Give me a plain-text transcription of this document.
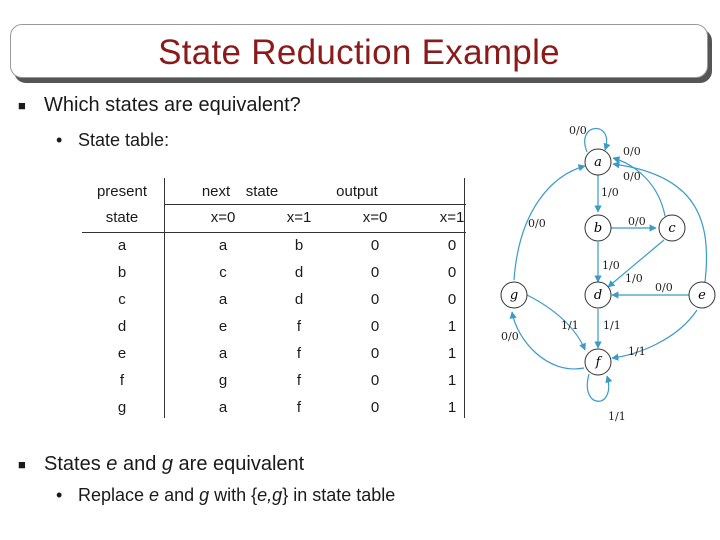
State Reduction Example
■ Which states are equivalent?
• State table:
present	next	state	output
state	x=0	x=1	x=0	x=1
a	a	b	0	0
b	c	d	0	0
c	a	d	0	0
d	e	f	0	1
e	a	f	0	1
f	g	f	0	1
g	a	f	0	1
0/0
0/0
0/0
1/0
0/0	0/0
1/0
1/0
0/0
1/1 1/1
0/0
1/1
1/1
a
b	c
d	e
f
g
■ States e and g are equivalent
• Replace e and g with {e,g} in state table
